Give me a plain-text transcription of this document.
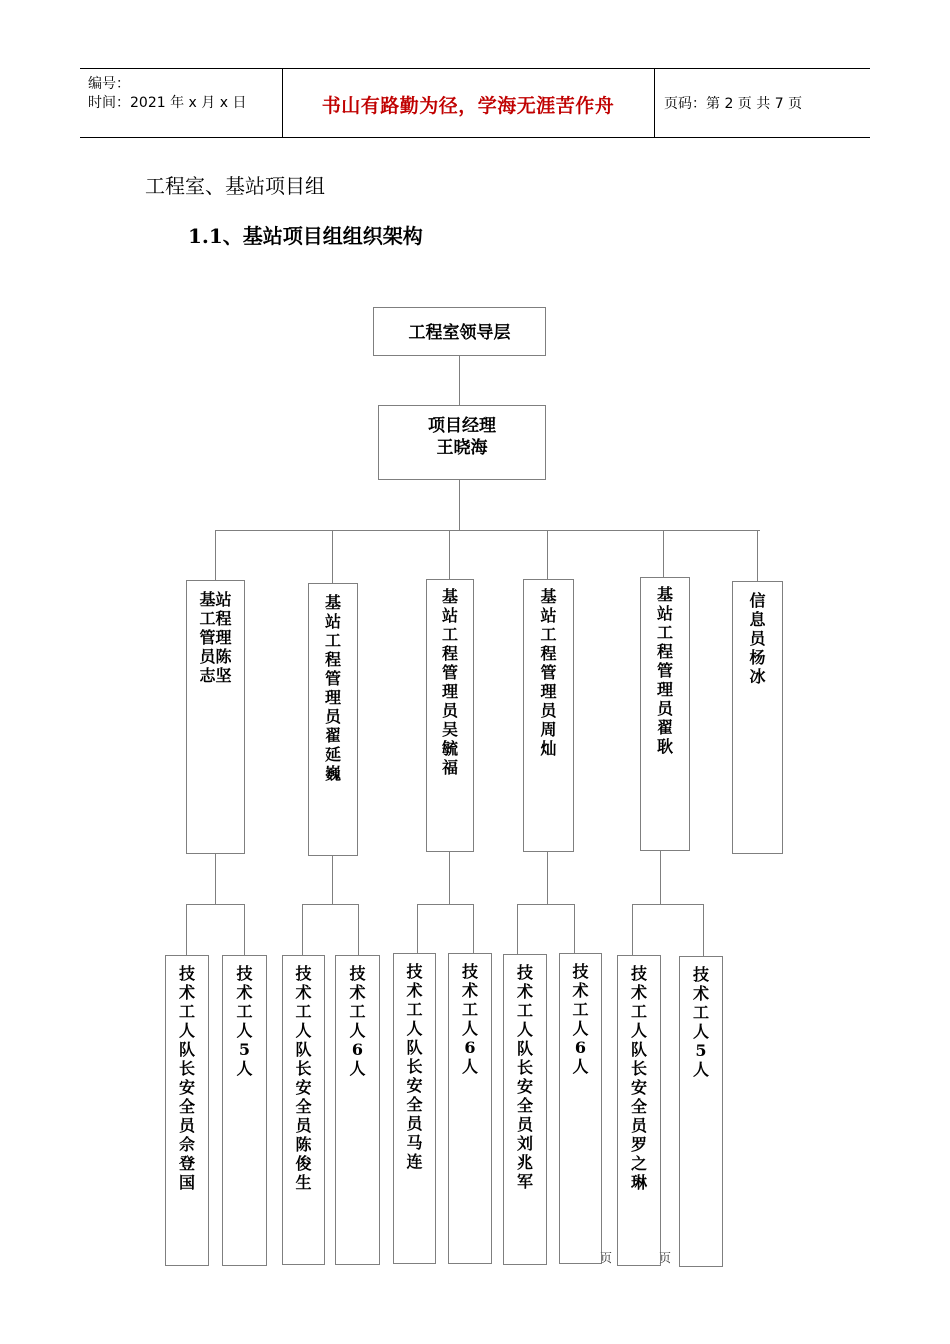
编号：
时间：2021 年 x 月 x 日	书山有路勤为径，学海无涯苦作舟	页码：第 2 页 共 7 页
工程室、基站项目组
1.1、基站项目组组织架构
工程室领导层
项目经理
王晓海
基站工程管理员陈志坚
基站工程管理员翟延巍
基站工程管理员吴毓福
基站工程管理员周灿
基站工程管理员翟耿
信息员杨冰
技术工人队长安全员佘登国
技术工人5人
技术工人队长安全员陈俊生
技术工人6人
技术工人队长安全员马连
技术工人6人
技术工人队长安全员刘兆军
技术工人6人
技术工人队长安全员罗之琳
技术工人5人
页	页
